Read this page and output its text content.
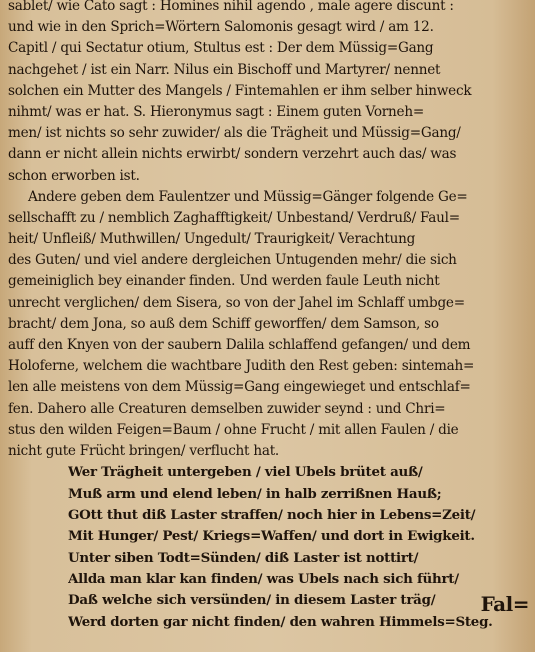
sablet/ wie Cato sagt : Homines nihil agendo , male agere discunt :
und wie in den Sprich=Wörtern Salomonis gesagt wird / am 12.
Capitl / qui Sectatur otium, Stultus est : Der dem Müssig=Gang
nachgehet / ist ein Narr. Nilus ein Bischoff und Martyrer/ nennet
solchen ein Mutter des Mangels / Fintemahlen er ihm selber hinweck
nihmt/ was er hat. S. Hieronymus sagt : Einem guten Vorneh=
men/ ist nichts so sehr zuwider/ als die Trägheit und Müssig=Gang/
dann er nicht allein nichts erwirbt/ sondern verzehrt auch das/ was
schon erworben ist.
Andere geben dem Faulentzer und Müssig=Gänger folgende Ge=
sellschafft zu / nemblich Zaghafftigkeit/ Unbestand/ Verdruß/ Faul=
heit/ Unfleiß/ Muthwillen/ Ungedult/ Traurigkeit/ Verachtung
des Guten/ und viel andere dergleichen Untugenden mehr/ die sich
gemeiniglich bey einander finden. Und werden faule Leuth nicht
unrecht verglichen/ dem Sisera, so von der Jahel im Schlaff umbge=
bracht/ dem Jona, so auß dem Schiff geworffen/ dem Samson, so
auff den Knyen von der saubern Dalila schlaffend gefangen/ und dem
Holoferne, welchem die wachtbare Judith den Rest geben: sintemah=
len alle meistens von dem Müssig=Gang eingewieget und entschlaf=
fen. Dahero alle Creaturen demselben zuwider seynd : und Chri=
stus den wilden Feigen=Baum / ohne Frucht / mit allen Faulen / die
nicht gute Frücht bringen/ verflucht hat.
Wer Trägheit untergeben / viel Ubels brütet auß/
Muß arm und elend leben/ in halb zerrißnen Hauß;
GOtt thut diß Laster straffen/ noch hier in Lebens=Zeit/
Mit Hunger/ Pest/ Kriegs=Waffen/ und dort in Ewigkeit.
Unter siben Todt=Sünden/ diß Laster ist nottirt/
Allda man klar kan finden/ was Ubels nach sich führt/
Daß welche sich versünden/ in diesem Laster träg/
Werd dorten gar nicht finden/ den wahren Himmels=Steg.
Fal=
